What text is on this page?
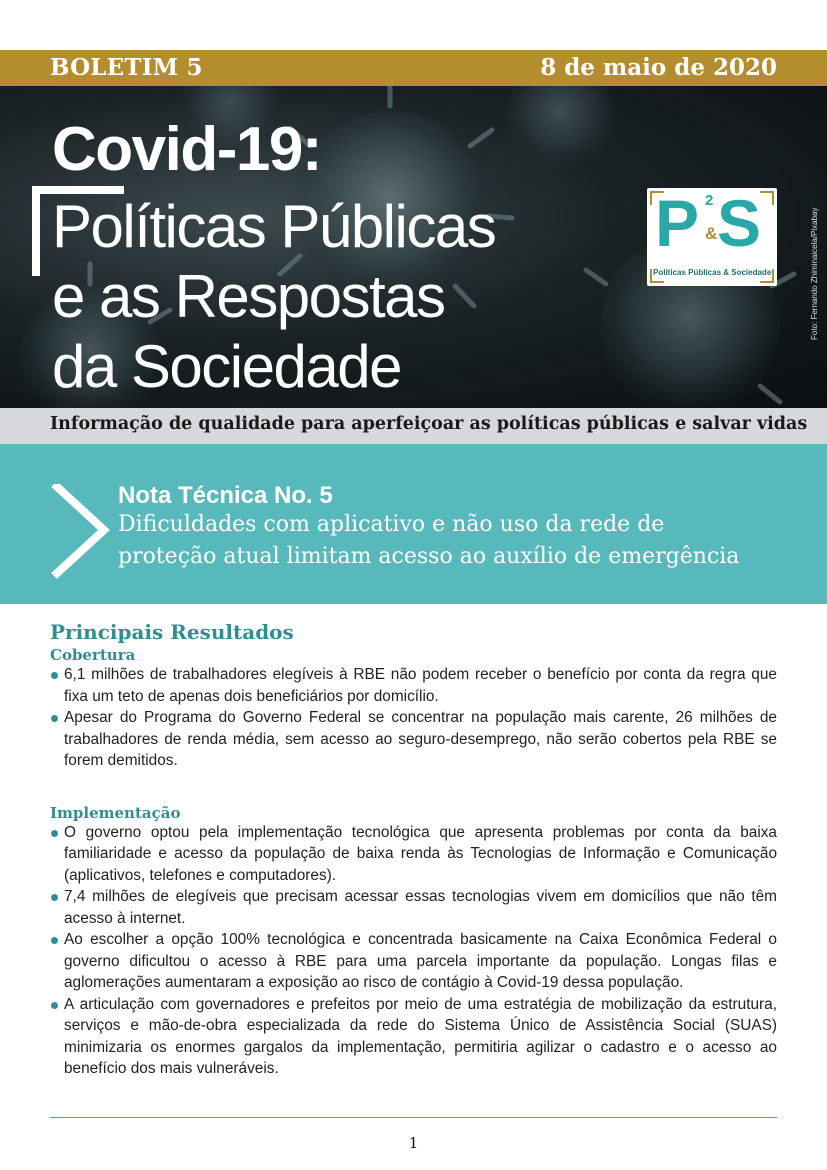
BOLETIM 5	8 de maio de 2020
Covid-19:
Políticas Públicas
e as Respostas
da Sociedade
P 2
& S
Políticas Públicas & Sociedade	Foto: Fernando Zhiminaicela/Pixabay
Informação de qualidade para aperfeiçoar as políticas públicas e salvar vidas
Nota Técnica No. 5
Dificuldades com aplicativo e não uso da rede de
proteção atual limitam acesso ao auxílio de emergência
Principais Resultados
Cobertura
6,1 milhões de trabalhadores elegíveis à RBE não podem receber o benefício por conta da regra que fixa um teto de apenas dois beneficiários por domicílio.
Apesar do Programa do Governo Federal se concentrar na população mais carente, 26 milhões de trabalhadores de renda média, sem acesso ao seguro-desemprego, não serão cobertos pela RBE se forem demitidos.
Implementação
O governo optou pela implementação tecnológica que apresenta problemas por conta da baixa familiaridade e acesso da população de baixa renda às Tecnologias de Informação e Comunicação (aplicativos, telefones e computadores).
7,4 milhões de elegíveis que precisam acessar essas tecnologias vivem em domicílios que não têm acesso à internet.
Ao escolher a opção 100% tecnológica e concentrada basicamente na Caixa Econômica Federal o governo dificultou o acesso à RBE para uma parcela importante da população. Longas filas e aglomerações aumentaram a exposição ao risco de contágio à Covid-19 dessa população.
A articulação com governadores e prefeitos por meio de uma estratégia de mobilização da estrutura, serviços e mão-de-obra especializada da rede do Sistema Único de Assistência Social (SUAS) minimizaria os enormes gargalos da implementação, permitiria agilizar o cadastro e o acesso ao benefício dos mais vulneráveis.
1
